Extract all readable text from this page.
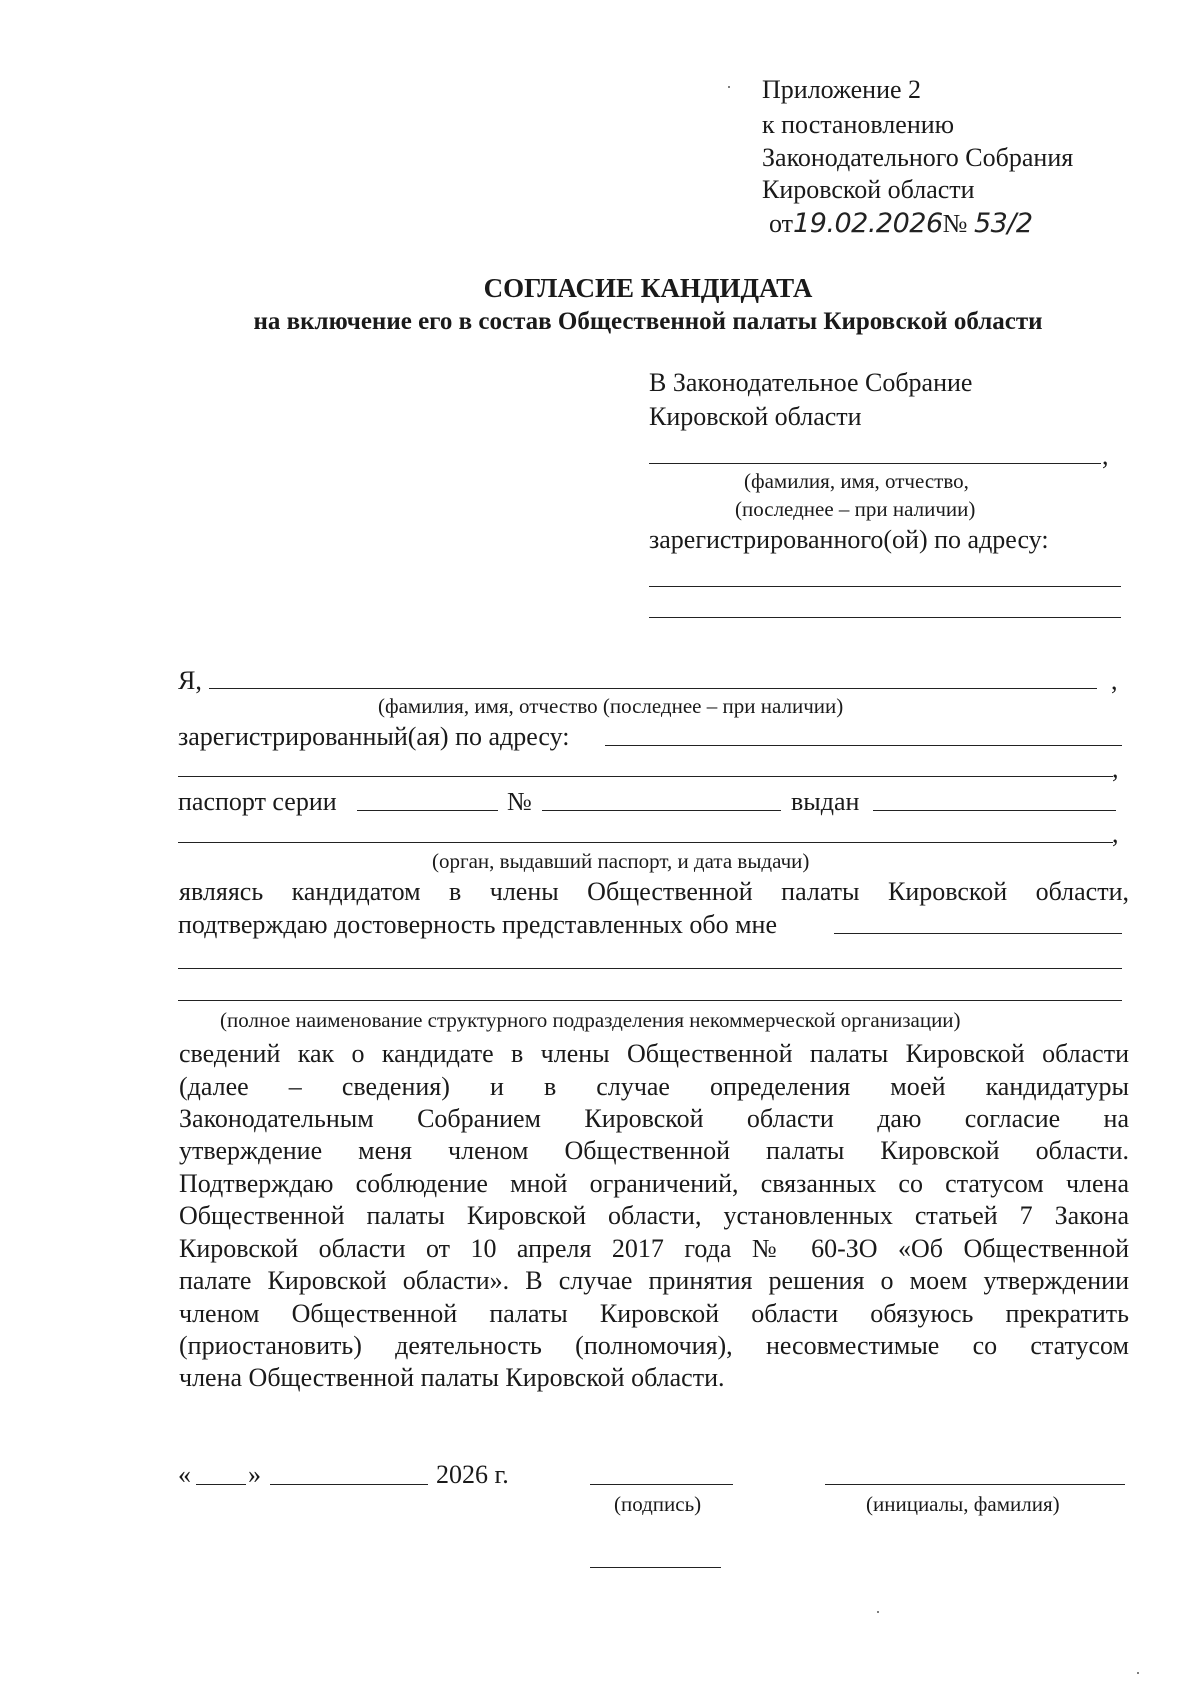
Приложение 2
к постановлению
Законодательного Собрания
Кировской области
от19.02.2026№ 53/2
СОГЛАСИЕ КАНДИДАТА
на включение его в состав Общественной палаты Кировской области
В Законодательное Собрание
Кировской области
,
(фамилия, имя, отчество,
(последнее – при наличии)
зарегистрированного(ой) по адресу:
Я,	,
(фамилия, имя, отчество (последнее – при наличии)
зарегистрированный(ая) по адресу:
,
паспорт серии	№	выдан
,
(орган, выдавший паспорт, и дата выдачи)
являясь кандидатом в члены Общественной палаты Кировской области,
подтверждаю достоверность представленных обо мне
(полное наименование структурного подразделения некоммерческой организации)
сведений как о кандидате в члены Общественной палаты Кировской области
(далее – сведения) и в случае определения моей кандидатуры
Законодательным Собранием Кировской области даю согласие на
утверждение меня членом Общественной палаты Кировской области.
Подтверждаю соблюдение мной ограничений, связанных со статусом члена
Общественной палаты Кировской области, установленных статьей 7 Закона
Кировской области от 10 апреля 2017 года № 60-ЗО «Об Общественной
палате Кировской области». В случае принятия решения о моем утверждении
членом Общественной палаты Кировской области обязуюсь прекратить
(приостановить) деятельность (полномочия), несовместимые со статусом
члена Общественной палаты Кировской области.
« »	2026 г.
(подпись)	(инициалы, фамилия)
